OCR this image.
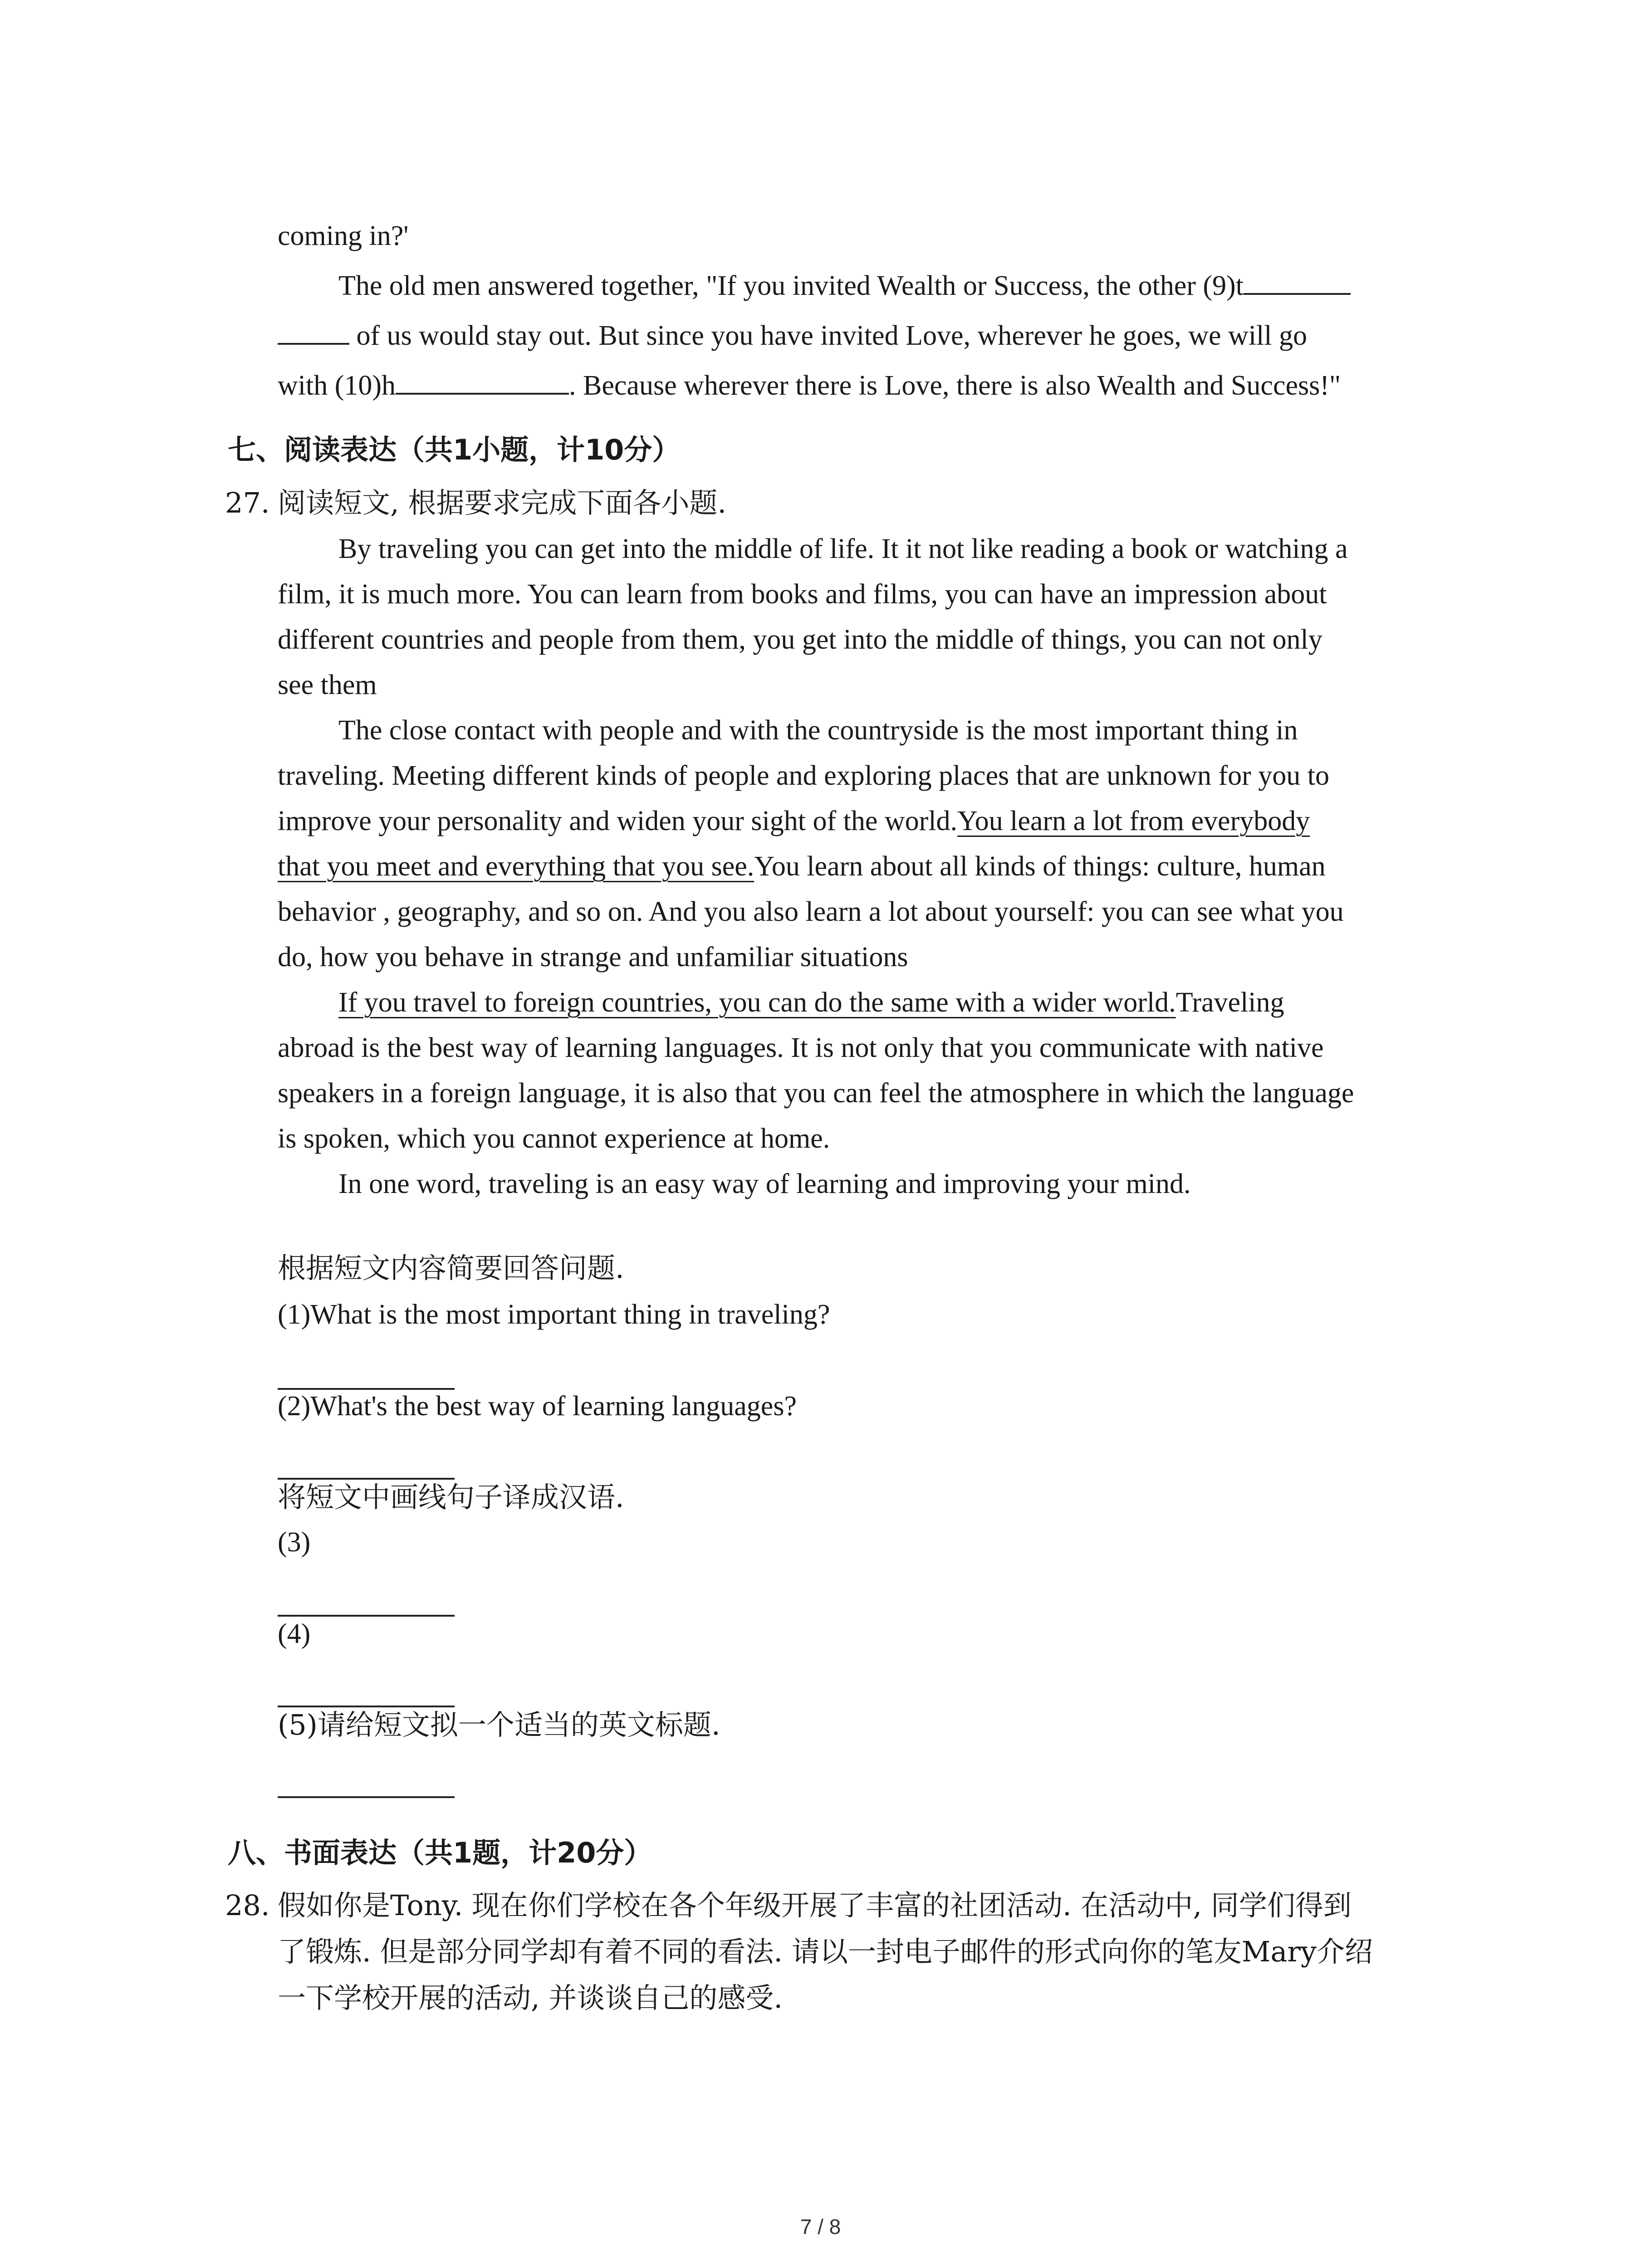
coming in?'
The old men answered together, "If you invited Wealth or Success, the other (9)t
of us would stay out. But since you have invited Love, wherever he goes, we will go
with (10)h	. Because wherever there is Love, there is also Wealth and Success!"
七、阅读表达（共1小题，计10分）
27. 阅读短文, 根据要求完成下面各小题.
By traveling you can get into the middle of life. It it not like reading a book or watching a
film, it is much more. You can learn from books and films, you can have an impression about
different countries and people from them, you get into the middle of things, you can not only
see them
The close contact with people and with the countryside is the most important thing in
traveling. Meeting different kinds of people and exploring places that are unknown for you to
improve your personality and widen your sight of the world.You learn a lot from everybody
that you meet and everything that you see.You learn about all kinds of things: culture, human
behavior , geography, and so on. And you also learn a lot about yourself: you can see what you
do, how you behave in strange and unfamiliar situations
If you travel to foreign countries, you can do the same with a wider world.Traveling
abroad is the best way of learning languages. It is not only that you communicate with native
speakers in a foreign language, it is also that you can feel the atmosphere in which the language
is spoken, which you cannot experience at home.
In one word, traveling is an easy way of learning and improving your mind.
根据短文内容简要回答问题.
(1)What is the most important thing in traveling?
(2)What's the best way of learning languages?
将短文中画线句子译成汉语.
(3)
(4)
(5)请给短文拟一个适当的英文标题.
八、书面表达（共1题，计20分）
28. 假如你是Tony. 现在你们学校在各个年级开展了丰富的社团活动. 在活动中, 同学们得到
了锻炼. 但是部分同学却有着不同的看法. 请以一封电子邮件的形式向你的笔友Mary介绍
一下学校开展的活动, 并谈谈自己的感受.
7 / 8
